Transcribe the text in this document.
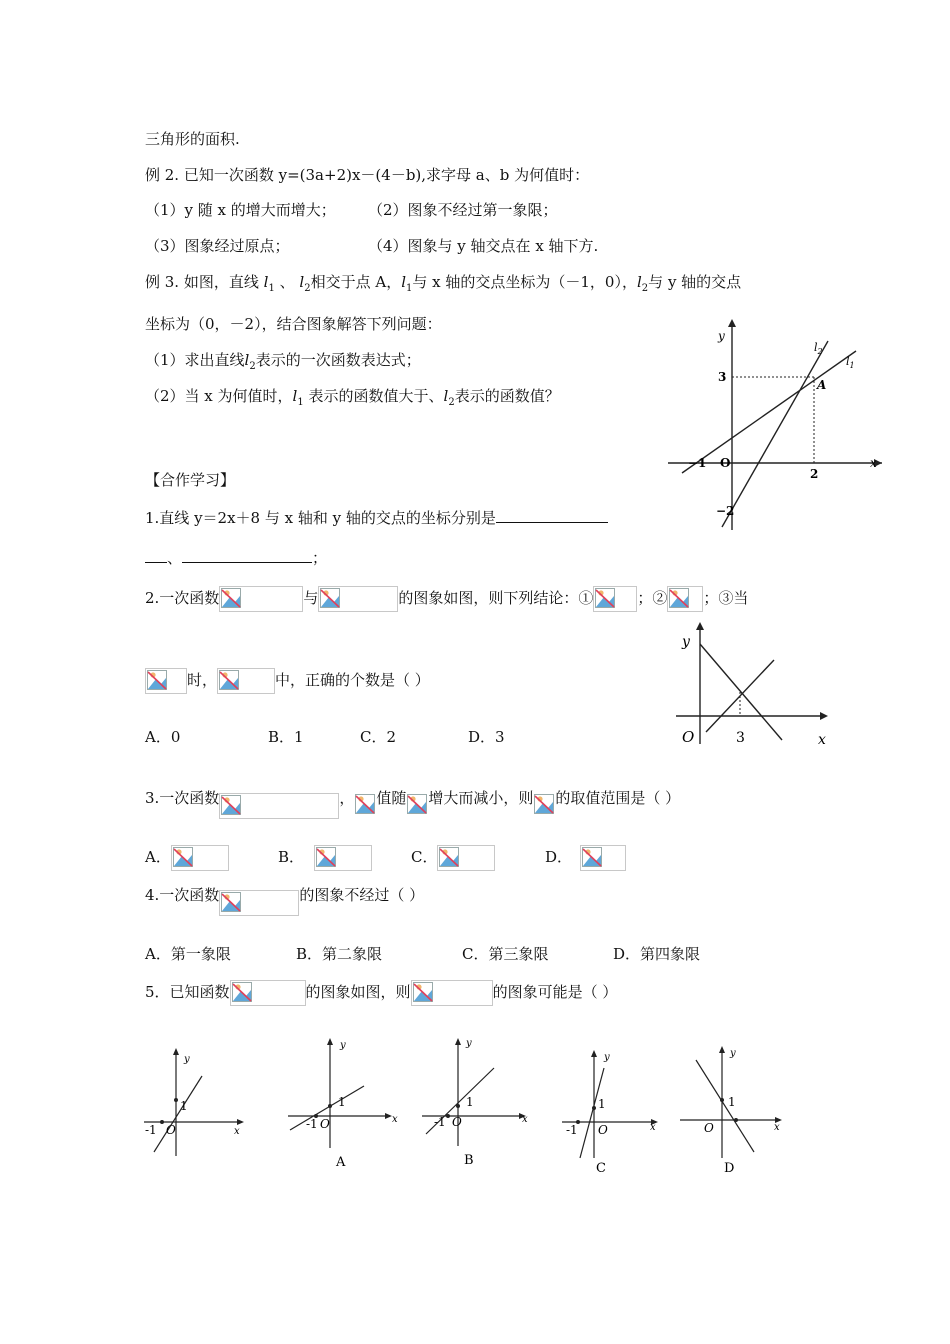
三角形的面积.
例 2. 已知一次函数 y=(3a+2)x－(4－b),求字母 a、b 为何值时：
（1）y 随 x 的增大而增大； （2）图象不经过第一象限；
（3）图象经过原点；	（4）图象与 y 轴交点在 x 轴下方.
例 3. 如图，直线 $l_1$ 、 $l_2$相交于点 A，$l_1$与 x 轴的交点坐标为（－1，0），$l_2$与 y 轴的交点
坐标为（0，－2），结合图象解答下列问题：
（1）求出直线$l_2$表示的一次函数表达式；
（2）当 x 为何值时，$l_1$ 表示的函数值大于、$l_2$表示的函数值？
y
x
O
$l_2$
$l_1$
A
3
−2
−1
2
【合作学习】
1.直线 y＝2x＋8 与 x 轴和 y 轴的交点的坐标分别是
、	；
2.一次函数	与	的图象如图，则下列结论：①	；② ；③当
时，	中，正确的个数是（ ）
A．0	B．1	C．2	D．3
y
x
O	3
3.一次函数	， 值随 增大而减小，则 的取值范围是（ ）
A．	B．	C．	D．
4.一次函数	的图象不经过（ ）
A．第一象限	B．第二象限	C．第三象限	D．第四象限
5．已知函数	的图象如图，则	的图象可能是（ ）
y
x
O
-1
1
y
x
O
-1
1
A
y
x
O
-1
1
B
y
x
O
-1
1
C
y
x
O
1
D
